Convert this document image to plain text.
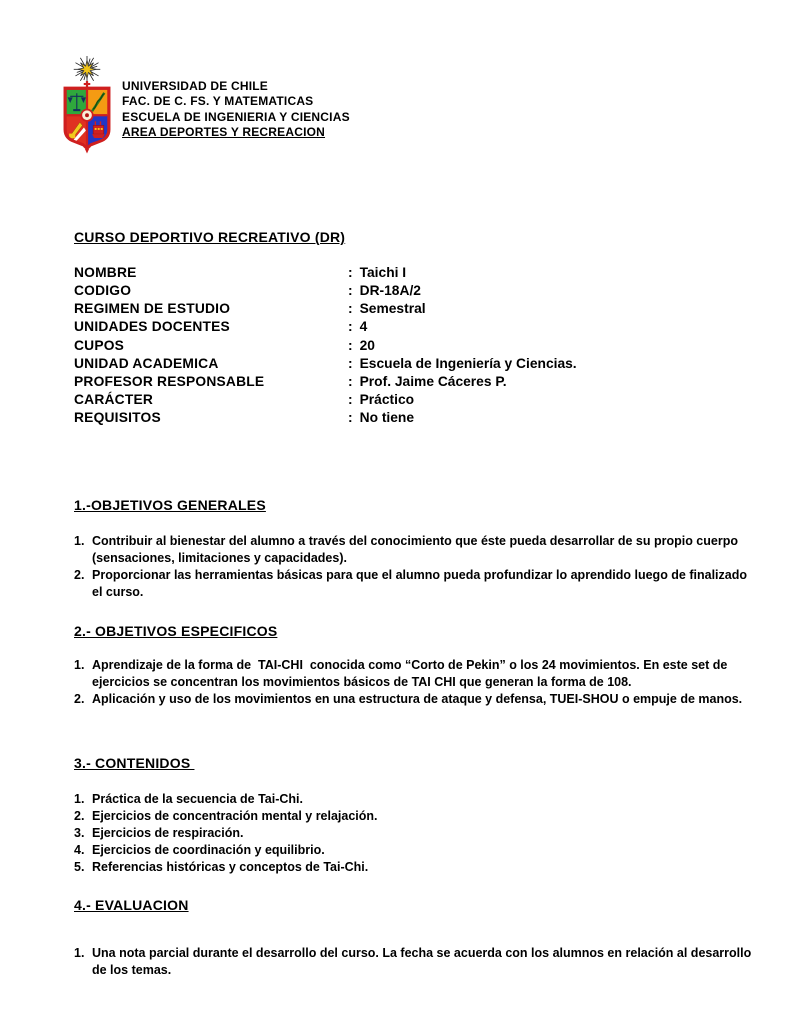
UNIVERSIDAD DE CHILE
FAC. DE C. FS. Y MATEMATICAS
ESCUELA DE INGENIERIA Y CIENCIAS
AREA DEPORTES Y RECREACION
CURSO DEPORTIVO RECREATIVO (DR)
NOMBRE	: Taichi I
CODIGO	: DR-18A/2
REGIMEN DE ESTUDIO	: Semestral
UNIDADES DOCENTES	: 4
CUPOS	: 20
UNIDAD ACADEMICA	: Escuela de Ingeniería y Ciencias.
PROFESOR RESPONSABLE	: Prof. Jaime Cáceres P.
CARÁCTER	: Práctico
REQUISITOS	: No tiene
1.-OBJETIVOS GENERALES
1. Contribuir al bienestar del alumno a través del conocimiento que éste pueda desarrollar de su propio cuerpo (sensaciones, limitaciones y capacidades).
2. Proporcionar las herramientas básicas para que el alumno pueda profundizar lo aprendido luego de finalizado el curso.
2.- OBJETIVOS ESPECIFICOS
1. Aprendizaje de la forma de  TAI-CHI  conocida como “Corto de Pekin” o los 24 movimientos. En este set de ejercicios se concentran los movimientos básicos de TAI CHI que generan la forma de 108.
2. Aplicación y uso de los movimientos en una estructura de ataque y defensa, TUEI-SHOU o empuje de manos.
3.- CONTENIDOS
1. Práctica de la secuencia de Tai-Chi.
2. Ejercicios de concentración mental y relajación.
3. Ejercicios de respiración.
4. Ejercicios de coordinación y equilibrio.
5. Referencias históricas y conceptos de Tai-Chi.
4.- EVALUACION
1. Una nota parcial durante el desarrollo del curso. La fecha se acuerda con los alumnos en relación al desarrollo de los temas.
